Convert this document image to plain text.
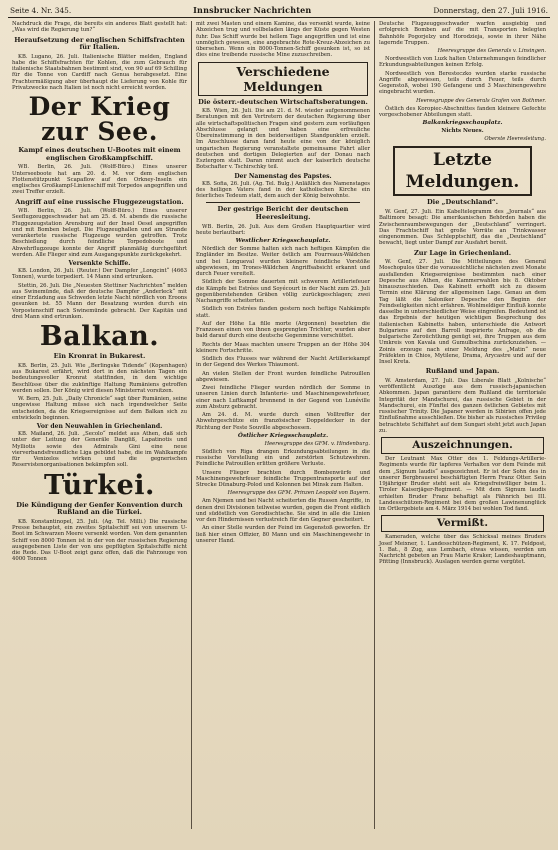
Seite 4. Nr. 345.	Innsbrucker Nachrichten	Donnerstag, den 27. Juli 1916.

Nachdruck die Frage, die bereits ein anderes Blatt gestellt hat: „Was wird die Regierung tun?“

Heraufsetzung der englischen Schiffsfrachten für Italien.

KB. Lugano, 26. Juli. Italienische Blätter melden, England habe die Schiffsfrachten für Kohlen, die zum Gebrauch für italienische Staatsbahnen bestimmt sind, von 90 auf 69 Schilling für die Tonne von Cardiff nach Genua herabgesetzt. Eine Frachtermäßigung aber überhaupt die Lieferung von Kohle für Privatzwecke nach Italien ist noch nicht erreicht worden.

Der Krieg zur See.
Kampf eines deutschen U-Bootes mit einem englischen Großkampfschiff.

WB. Berlin, 26. Juli. (Wolff-Büro.) Eines unserer Unterseeboote hat am 20. d. M. vor dem englischen Flottenstützpunkt Scapaflow auf den Orkney-Inseln ein englisches Großkampf-Linienschiff mit Torpedos angegriffen und zwei Treffer erzielt.

Angriff auf eine russische Fluggezeugstation.

WB. Berlin, 26. Juli. (Wolff-Büro.) Eines unserer Seeflugzeuggeschwader hat am 25. d. M. abends die russische Fluggezeugstation Arensburg auf der Insel Oesel angegriffen und mit Bomben belegt. Die Flugzeughallen und am Strande verankertete russische Flugzeuge wurden getroffen. Trotz Beschießung durch feindliche Torpedoboote und Abwehrflugzeuge konnte der Angriff planmäßig durchgeführt werden. Alle Flieger sind zum Ausgangspunkte zurückgekehrt.

Versenkte Schiffe.

KB. London, 26. Juli. (Reuter.) Der Dampfer „Longcint“ (4663 Tonnen), wurde torpediert. 14 Mann sind ertrunken.

Stettin, 26. Juli. Die „Neuesten Stettiner Nachrichten“ melden aus Swinemünde, daß der deutsche Dampfer „Anderleck“ mit einer Erzladung aus Schweden letzte Nacht nördlich von Eroons gesunken ist. 55 Mann der Besatzung wurden durch ein Vorpostenschiff nach Swinemünde gebracht. Der Kapitän und drei Mann sind ertrunken.

Balkan.
Ein Kronrat in Bukarest.

KB. Berlin, 25. Juli. Wie „Berlingske Tidende“ (Kopenhagen) aus Bukarest erfährt, wird dort in den nächsten Tagen ein bedeutungsvoller Kronrat stattfinden, in dem wichtige Beschlüsse über die zukünftige Haltung Rumäniens getroffen werden sollen. Der König wird diesen Ministerrat vorsitzen.

W. Bern, 25. Juli. „Daily Chronicle“ sagt über Rumänien, seine ungewisse Haltung müsse sich nach irgendwelcher Seite entscheiden, da die Kriegsereignisse auf dem Balkan sich zu entwickeln beginnen.

Vor den Neuwahlen in Griechenland.

KB. Mailand, 26. Juli. „Secolo“ meldet aus Athen, daß sich unter der Leitung der Generäle Dangliß, Lapatinotis und Mylliotis sowie des Admirals Gini eine neue vierverbandsfreundliche Liga gebildet habe, die im Wahlkampfe für Venizelos wirken und die gegnerischen Reservistenorganisationen bekämpfen soll.

Türkei.
Die Kündigung der Genfer Konvention durch Rußland an die Türkei.

KB. Konstantinopel, 25. Juli. (Ag. Tel. Milli.) Die russische Presse behauptet, ein zweites Spitalschiff sei von unserem U-Boot im Schwarzen Meere versenkt worden. Von dem genannten Schiff von 8000 Tonnen ist in der von der russischen Regierung ausgegebenen Liste der von uns gepflügten Spitalschiffe nicht die Rede. Das U-Boot zeigt ganz offen, daß die Fahrzeuge von 4000 Tonnen

mit zwei Masten und einem Kamine, das versenkt wurde, keine Abzeichen trug und vollbeladen längs der Küste gegen Westen fuhr. Das Schiff wurde bei hellem Tage angegriffen und ist eine unmöglich gewesen, eine angebrachte Rote-Kreuz-Abzeichen zu übersehen. Wenn ein 8000-Tonnen-Schiff gesunken ist, so ist dies eine treibende russische Mine zuzuschreiben.

Verschiedene Meldungen
Die österr.-deutschen Wirtschaftsberatungen.

KB. Wien, 26. Juli. Die am 21. d. M. wieder aufgenommenen Beratungen mit den Vertretern der deutschen Regierung über alle wirtschaftspolitischen Fragen sind gestern zum vorläufigen Abschlusse gelangt und haben eine erfreuliche Übereinstimmung in den beiderseitigen Standpunkten erzielt. Im Anschlusse daran fand heute eine von der königlich ungarischen Regierung veranstaltete gemeinsame Fahrt aller deutschen und dortigen Delegierten auf der Donau nach Esztergom statt. Daran nimmt auch der kaiserlich deutsche Botschafter v. Tschirschky teil.

Der Namenstag des Papstes.

KB. Sofia, 26. Juli. (Ag. Tel. Bulg.) Anläßlich des Namenstages des heiligen Vaters fand in der katholischen Kirche ein feierliches Tedeum statt, dem auch der König beiwohnte.

Der gestrige Bericht der deutschen Heeresleitung.

WB. Berlin, 26. Juli. Aus dem Großen Hauptquartier wird heute berlautbart:

Westlicher Kriegsschauplatz.

Nördlich der Somme halten sich nach heftigen Kämpfen die Engländer im Besitze. Weiter östlich am Fourreaux-Wäldchen und bei Longueval wurden kleinere feindliche Vorstöße abgewiesen, im Trones-Wäldchen Angriffsabsicht erkannt und durch Feuer vereitelt.

Südlich der Somme dauerten mit schwerem Artilleriefeuer die Kämpfe bei Estrées und Soyécourt in der Nacht zum 25. Juli gegenüberstehenden Gräben völlig zurückgeschlagen; zwei Nachangriffe scheiterten.

Südlich von Estrées fanden gestern noch heftige Nahkämpfe statt.

Auf der Höhe La fille morte (Argonnen) besetzten die Franzosen einen von ihnen gesprengten Trichter, wurden aber bald darauf durch eine deutsche Gegenminne verschüttet.

Rechts der Maas machten unsere Truppen an der Höhe 304 kleinere Fortschritte.

Südlich des Flusses war während der Nacht Artilleriekampf in der Gegend des Werkes Thiaumont.

An vielen Stellen der Front wurden feindliche Patrouillen abgewiesen.

Zwei feindliche Flieger wurden nördlich der Somme in unseren Linien durch Infanterie- und Maschinengewehrfeuer, einer nach Luftkampf brennend in der Gegend von Lunéville zum Absturz gebracht.

Am 24. d. M. wurde durch einen Volltreffer der Abwehrgeschütze ein französischer Doppeldecker in der Richtung der Feste Souville abgeschossen.

Östlicher Kriegsschauplatz.
Heeresgruppe des GFM. v. Hindenburg.

Südlich von Riga drangen Erkundungsabteilungen in die russische Vorstellung ein und zerstörten Schutzwehren. Feindliche Patrouillen erlitten größere Verluste.

Unsere Flieger brachten durch Bombenwürfe und Maschinengewehrfeuer feindliche Truppentransporte auf der Strecke Dünaburg-Polod und Kolonnen bei Minsk zum Halten.

Heeresgruppe des GFM. Prinzen Leopold von Bayern.

Am Njemen und bei Nacht scheiterten die Russen Angriffe, in denen drei Divisionen teilweise wurden, gegen die Front südlich und südöstlich von Gorodischtsche. Sie sind in alle die Linien vor den Hindernissen verlustreich für den Gegner gescheitert.

An einer Stelle wurden der Feind im Gegenstoß geworfen. Er ließ hier einen Offizier, 80 Mann und ein Maschinengewehr in unserer Hand.

Deutsche Flugzeuggeschwader warfen ausgiebig und erfolgreich Bomben auf die mit Transporten belegten Bahnhöfe Pogorjelzy und Horodzieja, sowie in ihrer Nähe lagernde Truppen.

Heeresgruppe des Generals v. Linsingen.

Nordwestlich von Luzk halten Unternehmungen feindlicher Erkundungsabteilungen keinen Erfolg.

Nordwestlich von Beresteczko wurden starke russische Angriffe abgewiesen, teils durch Feuer, teils durch Gegenstoß, wobei 190 Gefangene und 3 Maschinengewehre eingebracht wurden.

Heeresgruppe des Generals Grafen von Bothmer.

Östlich des Koropiec-Abschnittes fanden kleinere Gefechte vorgeschobener Abteilungen statt.

Balkankriegsschauplatz.
Nichts Neues.
Oberste Heeresleitung.
Letzte Meldungen.
Die „Deutschland“.

W. Genf, 27. Juli. Ein Kabeltelegramm des „Journals“ aus Baltimore besagt: Die amerikanischen Behörden haben die Zwischenraumbewegungen der „Deutschland“ verringert. Das Frachtschiff hat große Vorräte an Trinkwasser eingenommen. Das Schlepptschiff, das die „Deutschland“ bewacht, liegt unter Dampf zur Ausfahrt bereit.

Zur Lage in Griechenland.

W. Genf, 27. Juli. Die Mitteilungen des General Moschopulos über die voraussichtliche nächsten zwei Monate ausfallenden Kriegsereignisse bestimmten nach einer Depesche aus Athen, die Kammerwahlen bis 8. Oktober hinauszuschieden. Das Kabinett erhofft sich zu diesem Termin eine Klärung der allgemeinen Lage. Genau an dem Tag läßt die Saloniker Depesche den Beginn der Feindseligkeiten nicht erfahren. Wohlmeldiger Einfluß konnte dasselbe in unterschiedlicher Weise eingreifen. Bedeutend ist das Ergebnis der heutigen wichtigen Besprechung des italienischen Kabinetts haben, unterschiede die Antwort Bulgariens auf den Barroll inspirierte Anfrage, ob die bulgarische Zeroüchtlung genügt sei, ihre Truppen aus dem Umkreis von Kavala und Gumulbschina zurückzuziehen. — Zoinis erzeuge nach einer Meldung des „Matin“ neue Präfekten in Chios, Mytilene, Drama, Arycastre und auf der Insel Kreta.

Rußland und Japan.

W. Amsterdam, 27. Juli. Das Liberale Blatt „Kolnische“ veröffentlicht Auszüge aus dem russisch-japanischen Abkommen. Japan garantiere dem Rußland die territoriale Integrität der Mandschurei, das russische Gebiet in der Mandschurei, ein Fünftel des ganzen östlichen Gebietes mit russischer Trinity. Die Japaner werden in Sibirien offen jede Einflußnahme ausschließen. Die bisher als russisches Privileg betrachtete Schiffahrt auf dem Sungari steht jetzt auch Japan zu.

Auszeichnungen.

Der Leutnant Max Otter des 1. Feldungs-Artillerie-Regiments wurde für tapferes Verhalten vor dem Feinde mit dem „Signum laudis“ ausgezeichnet. Er ist der Sohn des in unserer Bergbrauerei beschäftigten Herrn Franz Otter. Sein 19jähriger Bruder steht seit als Kriegsfreiwilliger beim 1. Tiroler Kaiserjäger-Regiment. — Mit dem Signum laudis erhielten Bruder Franz behaftigt als Fähnrich bei III. Landesschützen-Regiment bei dem großen Lawinenunglück im Ortlergebiete am 4. März 1914 bei wohlen Tod fand.

Vermißt.

Kameraden, welche über das Schicksal meines Bruders Josef Meixner, 1. Landesschützen-Regiment, K. 17. Feldpost, 1. Bat., 8 Zug, aus Lembach, etwas wissen, werden um Nachricht gebeten an Frau Marie Kraker, Landeshauptmann, Pfitting (Innsbruck). Auslagen werden gerne vergütet.
